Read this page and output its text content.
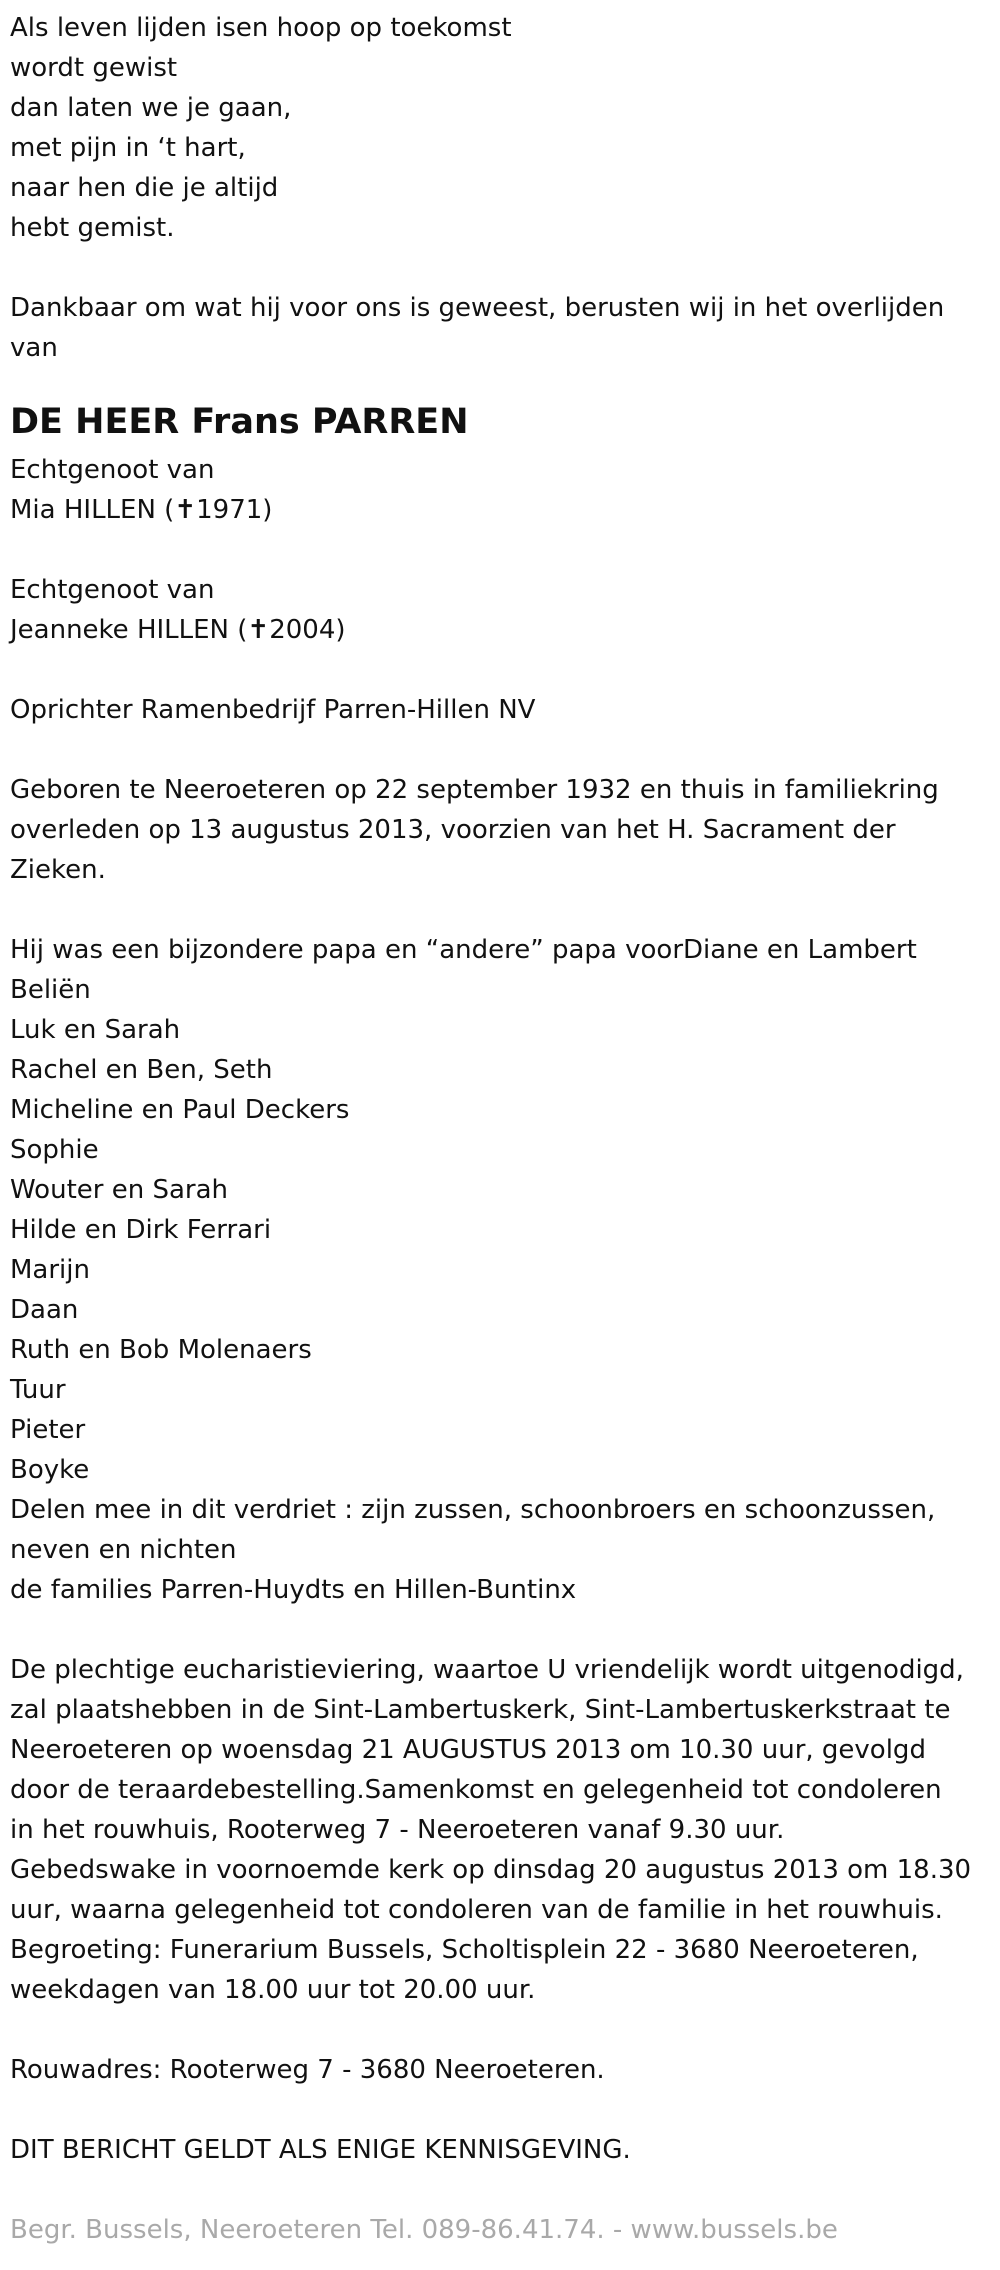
Als leven lijden isen hoop op toekomst
wordt gewist
dan laten we je gaan,
met pijn in ‘t hart,
naar hen die je altijd
hebt gemist.
Dankbaar om wat hij voor ons is geweest, berusten wij in het overlijden
van
DE HEER Frans PARREN
Echtgenoot van
Mia HILLEN (✝1971)
Echtgenoot van
Jeanneke HILLEN (✝2004)
Oprichter Ramenbedrijf Parren-Hillen NV
Geboren te Neeroeteren op 22 september 1932 en thuis in familiekring
overleden op 13 augustus 2013, voorzien van het H. Sacrament der
Zieken.
Hij was een bijzondere papa en “andere” papa voorDiane en Lambert
Beliën
Luk en Sarah
Rachel en Ben, Seth
Micheline en Paul Deckers
Sophie
Wouter en Sarah
Hilde en Dirk Ferrari
Marijn
Daan
Ruth en Bob Molenaers
Tuur
Pieter
Boyke
Delen mee in dit verdriet : zijn zussen, schoonbroers en schoonzussen,
neven en nichten
de families Parren-Huydts en Hillen-Buntinx
De plechtige eucharistieviering, waartoe U vriendelijk wordt uitgenodigd,
zal plaatshebben in de Sint-Lambertuskerk, Sint-Lambertuskerkstraat te
Neeroeteren op woensdag 21 AUGUSTUS 2013 om 10.30 uur, gevolgd
door de teraardebestelling.Samenkomst en gelegenheid tot condoleren
in het rouwhuis, Rooterweg 7 - Neeroeteren vanaf 9.30 uur.
Gebedswake in voornoemde kerk op dinsdag 20 augustus 2013 om 18.30
uur, waarna gelegenheid tot condoleren van de familie in het rouwhuis.
Begroeting: Funerarium Bussels, Scholtisplein 22 - 3680 Neeroeteren,
weekdagen van 18.00 uur tot 20.00 uur.
Rouwadres: Rooterweg 7 - 3680 Neeroeteren.
DIT BERICHT GELDT ALS ENIGE KENNISGEVING.
Begr. Bussels, Neeroeteren Tel. 089-86.41.74. - www.bussels.be
